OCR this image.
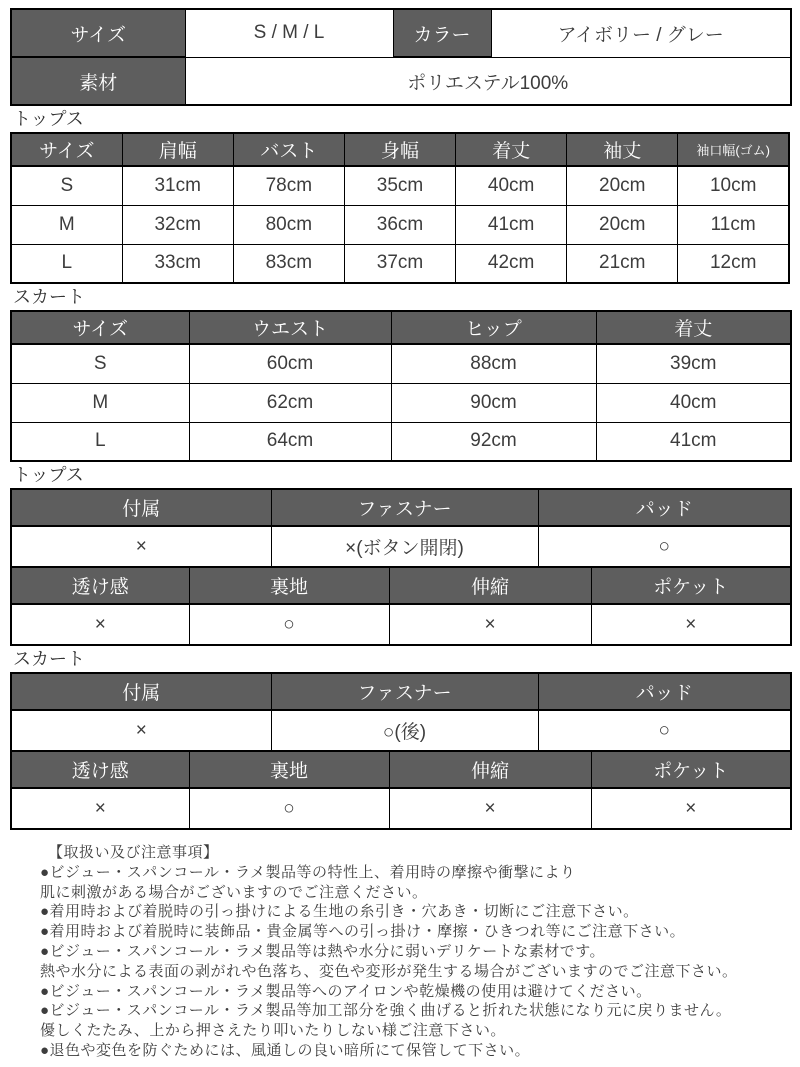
サイズ	S / M / L	カラー	アイボリー / グレー
素材	ポリエステル100%		
トップス
サイズ	肩幅	バスト	身幅	着丈	袖丈	袖口幅(ゴム)
S	31cm	78cm	35cm	40cm	20cm	10cm
M	32cm	80cm	36cm	41cm	20cm	11cm
L	33cm	83cm	37cm	42cm	21cm	12cm
スカート
サイズ	ウエスト	ヒップ	着丈
S	60cm	88cm	39cm
M	62cm	90cm	40cm
L	64cm	92cm	41cm
トップス
付属	ファスナー	パッド
×	×(ボタン開閉)	○
透け感	裏地	伸縮	ポケット
×	○	×	×
スカート
付属	ファスナー	パッド
×	○(後)	○
透け感	裏地	伸縮	ポケット
×	○	×	×
【取扱い及び注意事項】
●ビジュー・スパンコール・ラメ製品等の特性上、着用時の摩擦や衝撃により
肌に刺激がある場合がございますのでご注意ください。
●着用時および着脱時の引っ掛けによる生地の糸引き・穴あき・切断にご注意下さい。
●着用時および着脱時に装飾品・貴金属等への引っ掛け・摩擦・ひきつれ等にご注意下さい。
●ビジュー・スパンコール・ラメ製品等は熱や水分に弱いデリケートな素材です。
熱や水分による表面の剥がれや色落ち、変色や変形が発生する場合がございますのでご注意下さい。
●ビジュー・スパンコール・ラメ製品等へのアイロンや乾燥機の使用は避けてください。
●ビジュー・スパンコール・ラメ製品等加工部分を強く曲げると折れた状態になり元に戻りません。
優しくたたみ、上から押さえたり叩いたりしない様ご注意下さい。
●退色や変色を防ぐためには、風通しの良い暗所にて保管して下さい。
